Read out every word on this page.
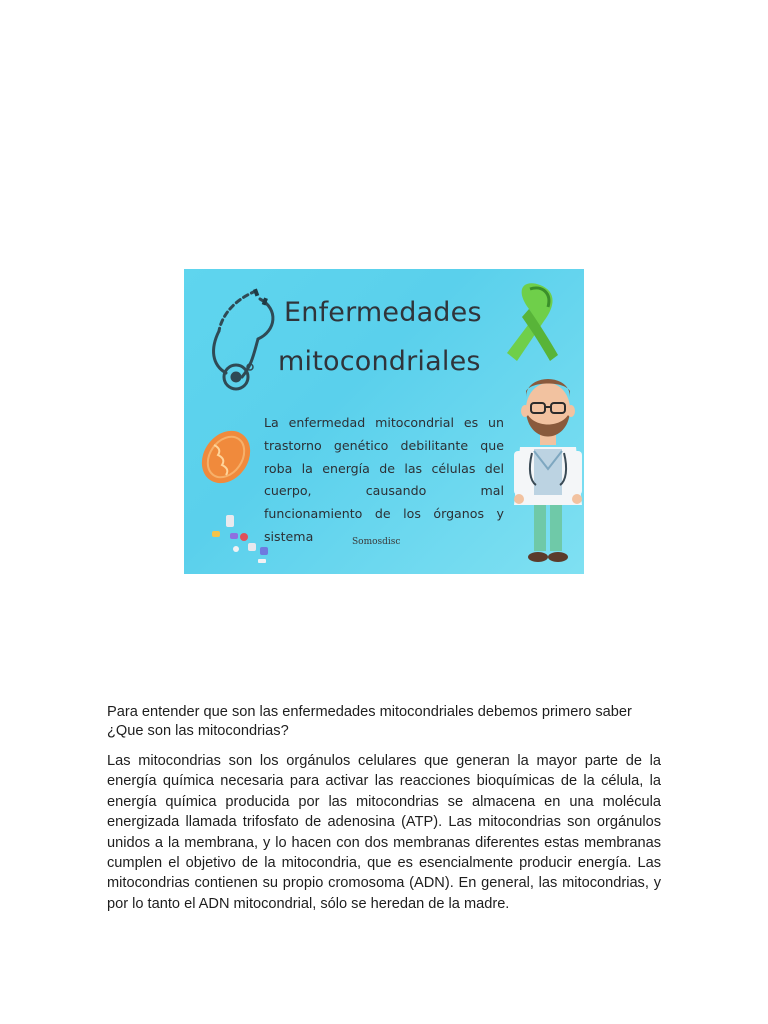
Enfermedades
mitocondriales
La enfermedad mitocondrial es un
trastorno genético debilitante que
roba la energía de las células del
cuerpo, causando mal
funcionamiento de los órganos y
sistema	Somosdisc

Para entender que son las enfermedades mitocondriales debemos primero saber ¿Que son las mitocondrias?

Las mitocondrias son los orgánulos celulares que generan la mayor parte de la energía química necesaria para activar las reacciones bioquímicas de la célula, la energía química producida por las mitocondrias se almacena en una molécula energizada llamada trifosfato de adenosina (ATP). Las mitocondrias son orgánulos unidos a la membrana, y lo hacen con dos membranas diferentes estas membranas cumplen el objetivo de la mitocondria, que es esencialmente producir energía. Las mitocondrias contienen su propio cromosoma (ADN). En general, las mitocondrias, y por lo tanto el ADN mitocondrial, sólo se heredan de la madre.
